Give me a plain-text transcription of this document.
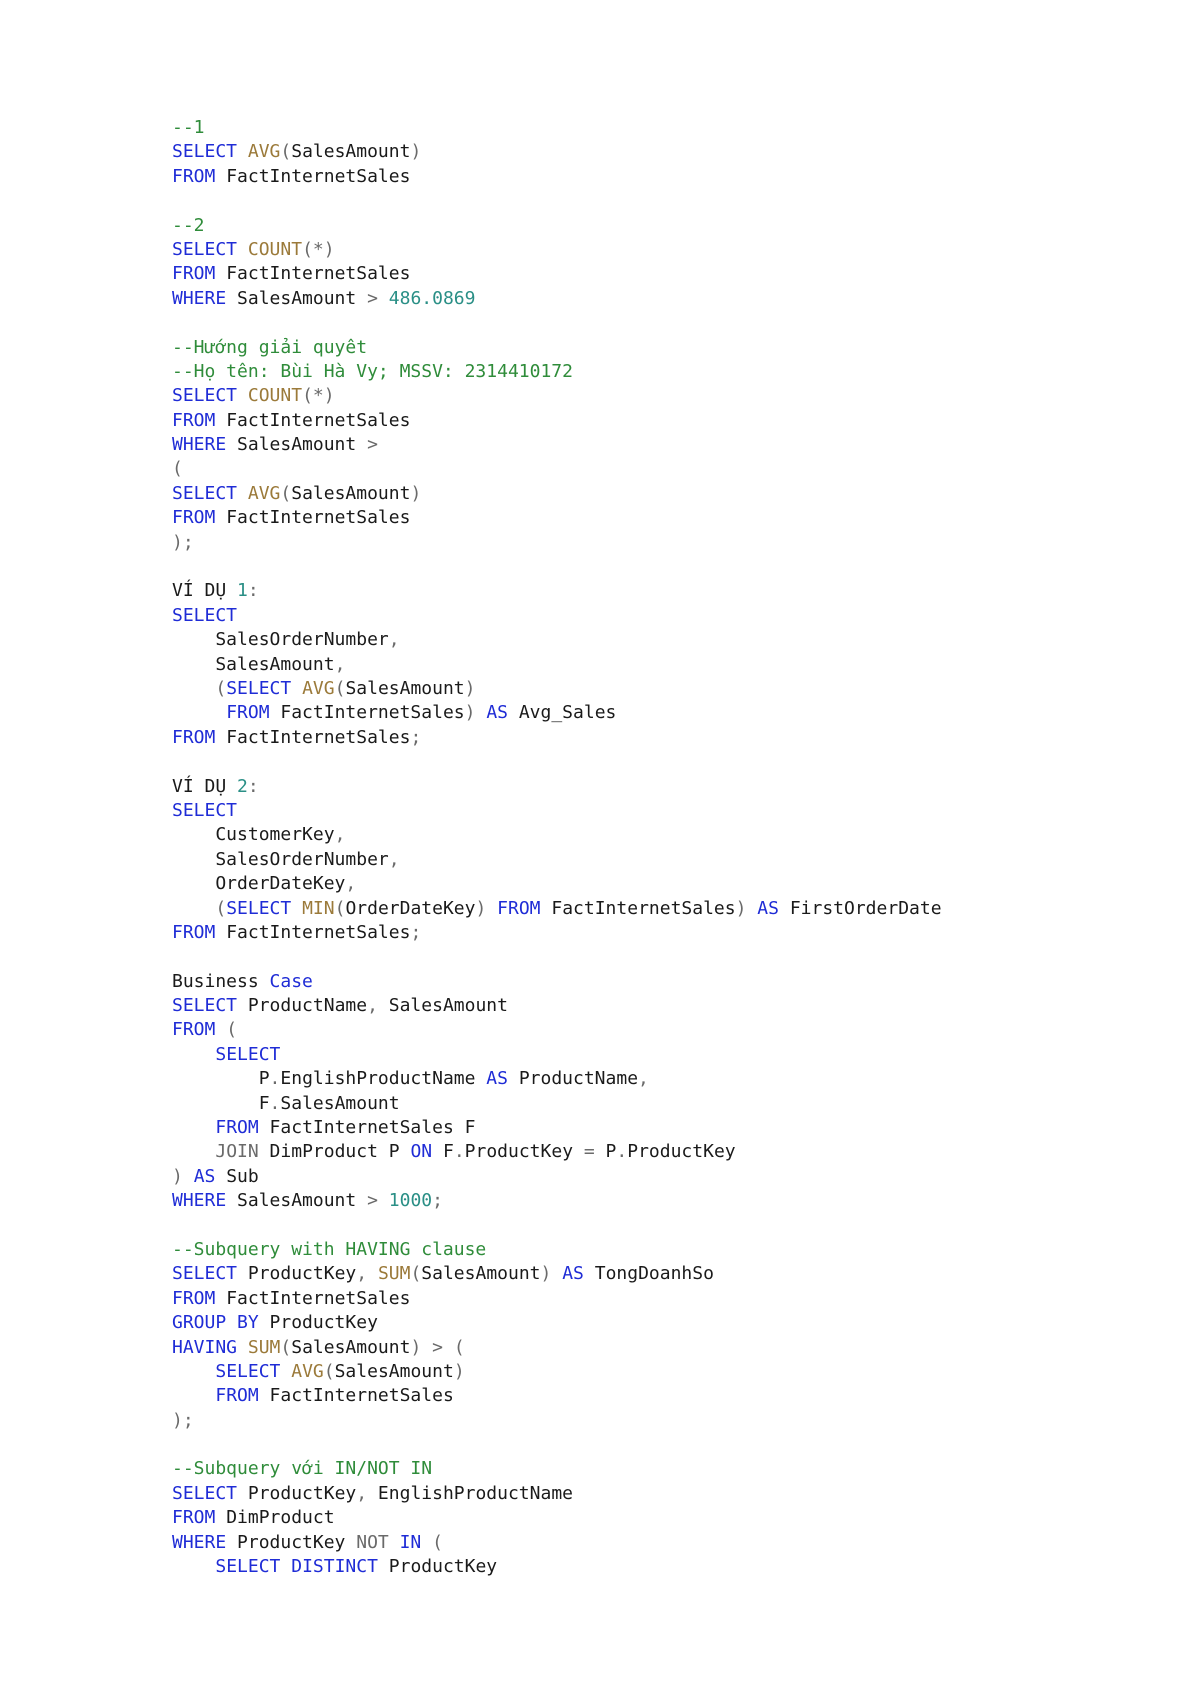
--1
SELECT AVG(SalesAmount)
FROM FactInternetSales
--2
SELECT COUNT(*)
FROM FactInternetSales
WHERE SalesAmount > 486.0869
--Hướng giải quyêt
--Họ tên: Bùi Hà Vy; MSSV: 2314410172
SELECT COUNT(*)
FROM FactInternetSales
WHERE SalesAmount >
(
SELECT AVG(SalesAmount)
FROM FactInternetSales
);
VÍ DỤ 1:
SELECT
SalesOrderNumber,
SalesAmount,
(SELECT AVG(SalesAmount)
FROM FactInternetSales) AS Avg_Sales
FROM FactInternetSales;
VÍ DỤ 2:
SELECT
CustomerKey,
SalesOrderNumber,
OrderDateKey,
(SELECT MIN(OrderDateKey) FROM FactInternetSales) AS FirstOrderDate
FROM FactInternetSales;
Business Case
SELECT ProductName, SalesAmount
FROM (
SELECT
P.EnglishProductName AS ProductName,
F.SalesAmount
FROM FactInternetSales F
JOIN DimProduct P ON F.ProductKey = P.ProductKey
) AS Sub
WHERE SalesAmount > 1000;
--Subquery with HAVING clause
SELECT ProductKey, SUM(SalesAmount) AS TongDoanhSo
FROM FactInternetSales
GROUP BY ProductKey
HAVING SUM(SalesAmount) > (
SELECT AVG(SalesAmount)
FROM FactInternetSales
);
--Subquery với IN/NOT IN
SELECT ProductKey, EnglishProductName
FROM DimProduct
WHERE ProductKey NOT IN (
SELECT DISTINCT ProductKey
